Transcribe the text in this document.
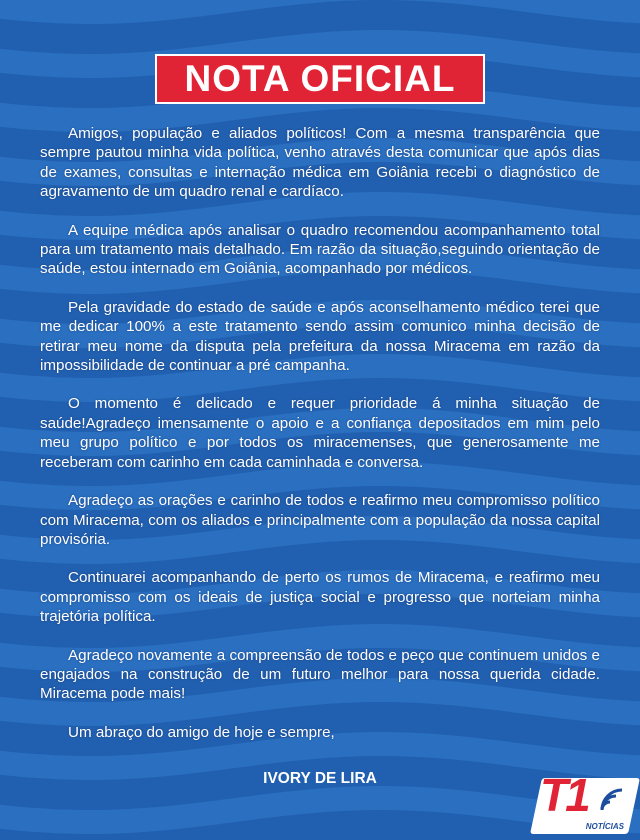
NOTA OFICIAL

Amigos, população e aliados políticos! Com a mesma transparência que sempre pautou minha vida política, venho através desta comunicar que após dias de exames, consultas e internação médica em Goiânia recebi o diagnóstico de agravamento de um quadro renal e cardíaco.

A equipe médica após analisar o quadro recomendou acompanhamento total para um tratamento mais detalhado. Em razão da situação,seguindo orientação de saúde, estou internado em Goiânia, acompanhado por médicos.

Pela gravidade do estado de saúde e após aconselhamento médico terei que me dedicar 100% a este tratamento sendo assim comunico minha decisão de retirar meu nome da disputa pela prefeitura da nossa Miracema em razão da impossibilidade de continuar a pré campanha.

O momento é delicado e requer prioridade á minha situação de saúde!Agradeço imensamente o apoio e a confiança depositados em mim pelo meu grupo político e por todos os miracemenses, que generosamente me receberam com carinho em cada caminhada e conversa.

Agradeço as orações e carinho de todos e reafirmo meu compromisso político com Miracema, com os aliados e principalmente com a população da nossa capital provisória.

Continuarei acompanhando de perto os rumos de Miracema, e reafirmo meu compromisso com os ideais de justiça social e progresso que norteiam minha trajetória política.

Agradeço novamente a compreensão de todos e peço que continuem unidos e engajados na construção de um futuro melhor para nossa querida cidade. Miracema pode mais!

Um abraço do amigo de hoje e sempre,

IVORY DE LIRA	T1
NOTÍCIAS
